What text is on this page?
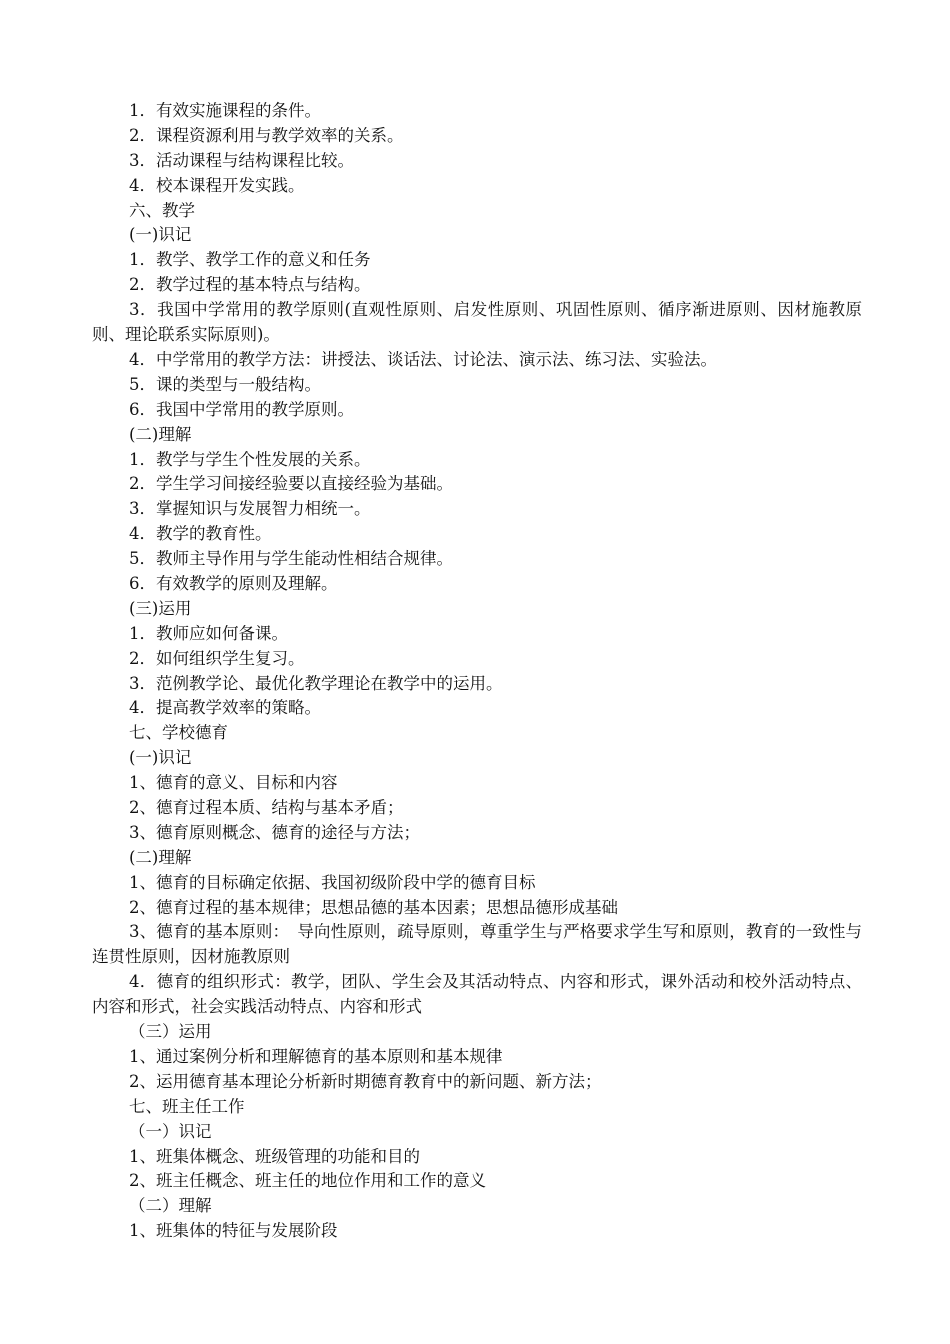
1．有效实施课程的条件。
2．课程资源利用与教学效率的关系。
3．活动课程与结构课程比较。
4．校本课程开发实践。
六、教学
(一)识记
1．教学、教学工作的意义和任务
2．教学过程的基本特点与结构。
3．我国中学常用的教学原则(直观性原则、启发性原则、巩固性原则、循序渐进原则、因材施教原则、理论联系实际原则)。
4．中学常用的教学方法：讲授法、谈话法、讨论法、演示法、练习法、实验法。
5．课的类型与一般结构。
6．我国中学常用的教学原则。
(二)理解
1．教学与学生个性发展的关系。
2．学生学习间接经验要以直接经验为基础。
3．掌握知识与发展智力相统一。
4．教学的教育性。
5．教师主导作用与学生能动性相结合规律。
6．有效教学的原则及理解。
(三)运用
1．教师应如何备课。
2．如何组织学生复习。
3．范例教学论、最优化教学理论在教学中的运用。
4．提高教学效率的策略。
七、学校德育
(一)识记
1、德育的意义、目标和内容
2、德育过程本质、结构与基本矛盾；
3、德育原则概念、德育的途径与方法；
(二)理解
1、德育的目标确定依据、我国初级阶段中学的德育目标
2、德育过程的基本规律；思想品德的基本因素；思想品德形成基础
3、德育的基本原则：　导向性原则，疏导原则，尊重学生与严格要求学生写和原则，教育的一致性与连贯性原则，因材施教原则
4．德育的组织形式：教学，团队、学生会及其活动特点、内容和形式，课外活动和校外活动特点、内容和形式，社会实践活动特点、内容和形式
（三）运用
1、通过案例分析和理解德育的基本原则和基本规律
2、运用德育基本理论分析新时期德育教育中的新问题、新方法；
七、班主任工作
（一）识记
1、班集体概念、班级管理的功能和目的
2、班主任概念、班主任的地位作用和工作的意义
（二）理解
1、班集体的特征与发展阶段
